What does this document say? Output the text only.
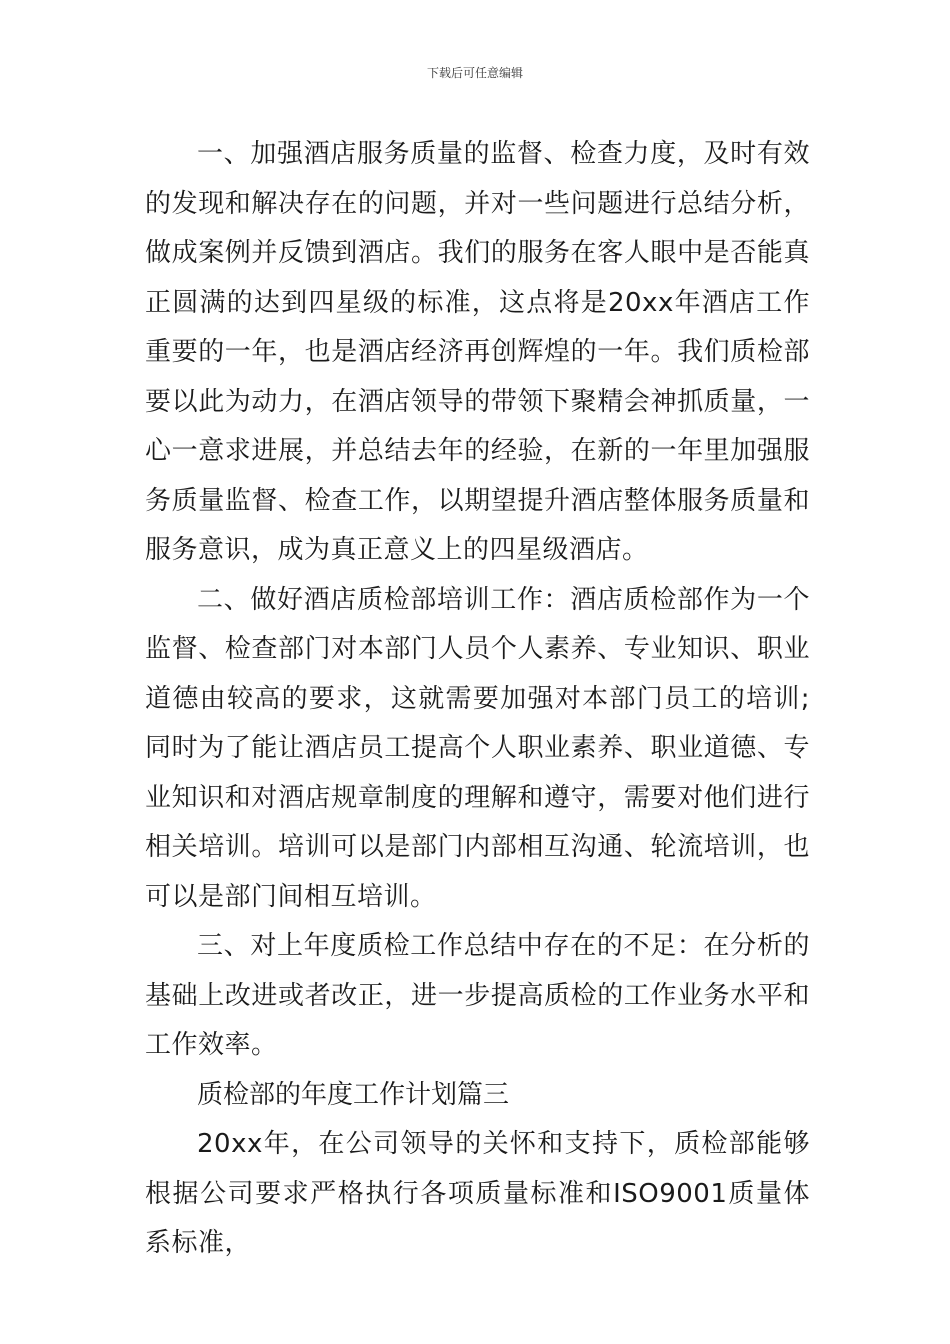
下载后可任意编辑

一、加强酒店服务质量的监督、检查力度，及时有效的发现和解决存在的问题，并对一些问题进行总结分析，做成案例并反馈到酒店。我们的服务在客人眼中是否能真正圆满的达到四星级的标准，这点将是20xx年酒店工作重要的一年，也是酒店经济再创辉煌的一年。我们质检部要以此为动力，在酒店领导的带领下聚精会神抓质量，一心一意求进展，并总结去年的经验，在新的一年里加强服务质量监督、检查工作，以期望提升酒店整体服务质量和服务意识，成为真正意义上的四星级酒店。

二、做好酒店质检部培训工作：酒店质检部作为一个监督、检查部门对本部门人员个人素养、专业知识、职业道德由较高的要求，这就需要加强对本部门员工的培训;同时为了能让酒店员工提高个人职业素养、职业道德、专业知识和对酒店规章制度的理解和遵守，需要对他们进行相关培训。培训可以是部门内部相互沟通、轮流培训，也可以是部门间相互培训。

三、对上年度质检工作总结中存在的不足：在分析的基础上改进或者改正，进一步提高质检的工作业务水平和工作效率。

质检部的年度工作计划篇三

20xx年，在公司领导的关怀和支持下，质检部能够根据公司要求严格执行各项质量标准和ISO9001质量体系标准，
